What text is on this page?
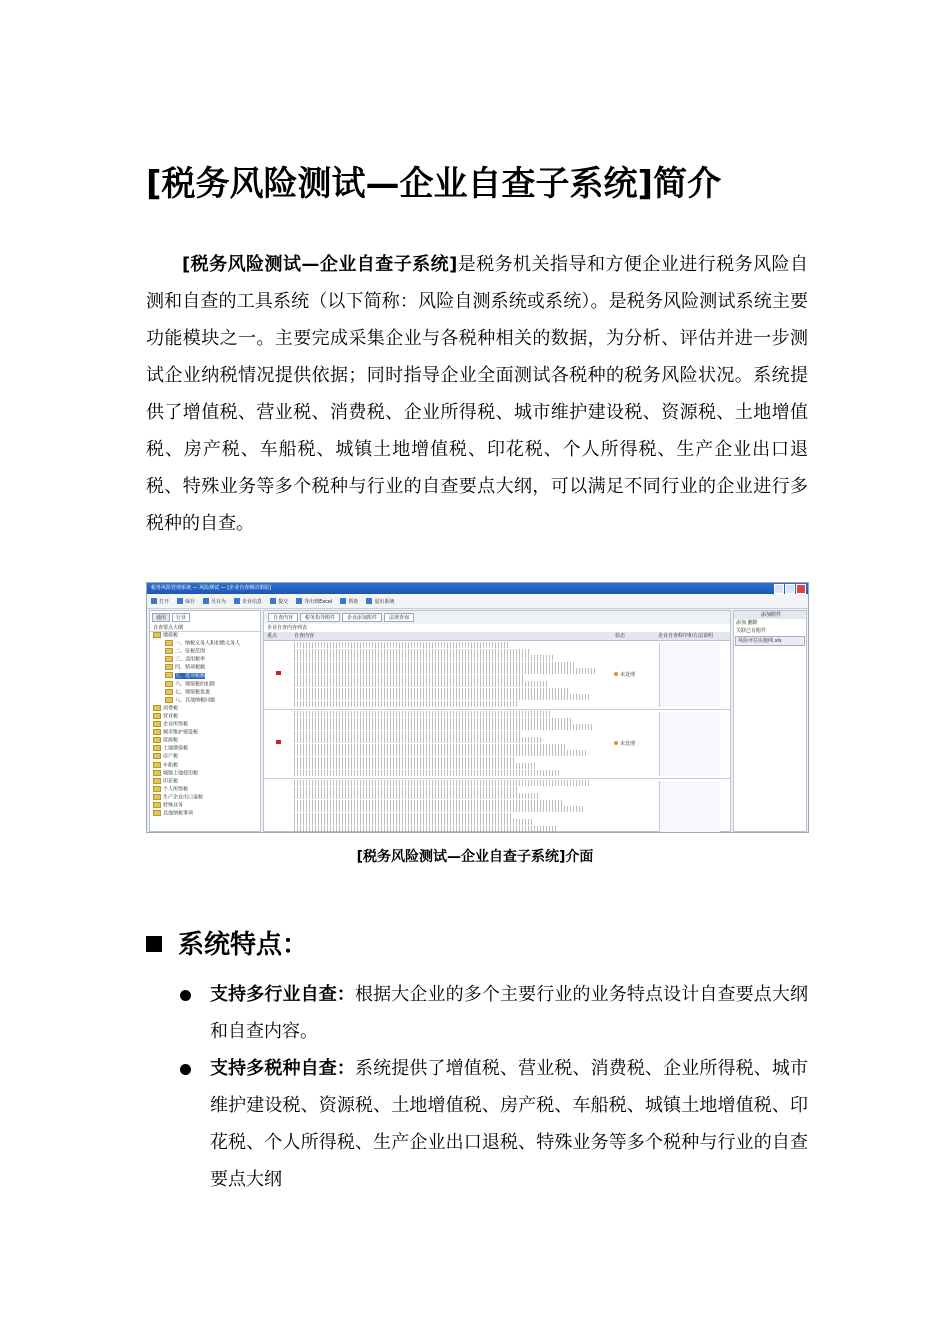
[税务风险测试—企业自查子系统]简介

[税务风险测试—企业自查子系统]是税务机关指导和方便企业进行税务风险自测和自查的工具系统（以下简称：风险自测系统或系统）。是税务风险测试系统主要功能模块之一。主要完成采集企业与各税种相关的数据，为分析、评估并进一步测试企业纳税情况提供依据；同时指导企业全面测试各税种的税务风险状况。系统提供了增值税、营业税、消费税、企业所得税、城市维护建设税、资源税、土地增值税、房产税、车船税、城镇土地增值税、印花税、个人所得税、生产企业出口退税、特殊业务等多个税种与行业的自查要点大纲，可以满足不同行业的企业进行多税种的自查。

税务风险管理系统 — 风险测试 — [企业自查纲决策版]
打开	保存	另存为	企业信息	提交	导出到Excel	帮助	退出系统
通用	行业
自查要点大纲
增值税
一、纳税义务人和扣缴义务人
二、征税范围
三、适用税率
四、销项税额
五、进项税额
六、增值税的扣除
七、增值税优惠
八、其他纳税问题
消费税
营业税
企业所得税
城市维护建设税
资源税
土地增值税
房产税
车船税
城镇土地使用税
印花税
个人所得税
生产企业出口退税
特殊业务
其他纳税事项
自查内容	税务指导附件	企业添加附件	法规查询
企业自查内容列表
重点	自查内容	状态	企业自查程序和方法说明
未处理
未处理
添加附件
添加 删除
关联已有附件
风险评估实施网.xls
[税务风险测试—企业自查子系统]介面
系统特点：
支持多行业自查：根据大企业的多个主要行业的业务特点设计自查要点大纲和自查内容。
支持多税种自查：系统提供了增值税、营业税、消费税、企业所得税、城市维护建设税、资源税、土地增值税、房产税、车船税、城镇土地增值税、印花税、个人所得税、生产企业出口退税、特殊业务等多个税种与行业的自查要点大纲
